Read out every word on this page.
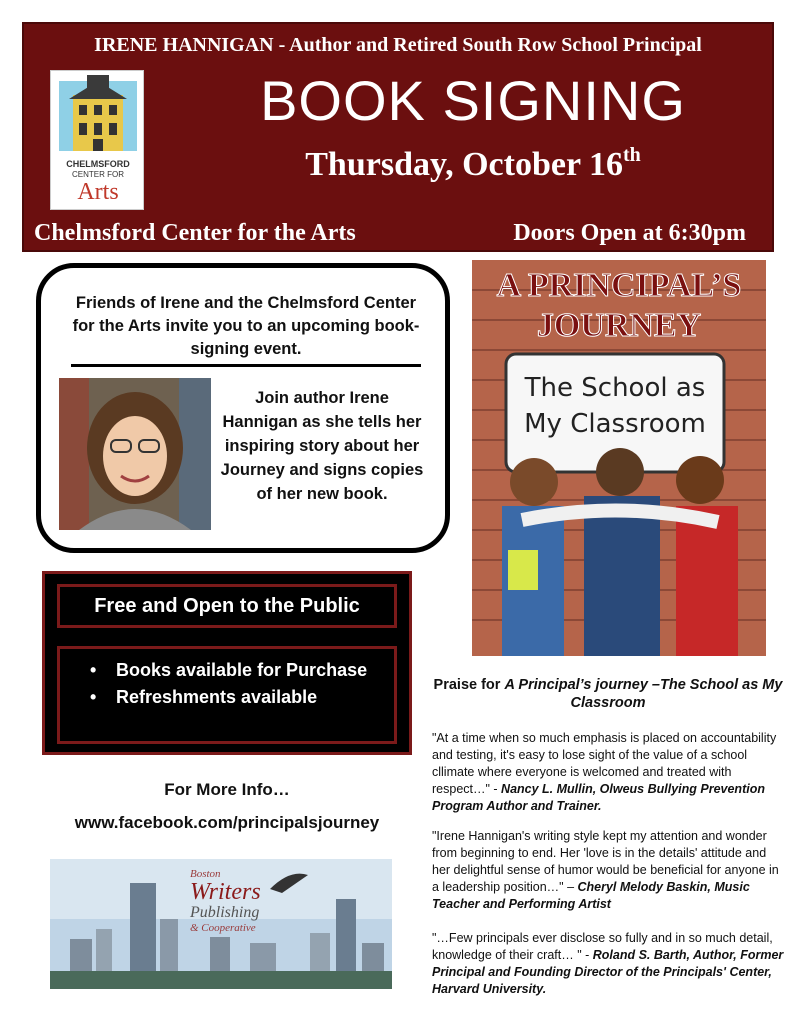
IRENE HANNIGAN - Author and Retired South Row School Principal
CHELMSFORD
CENTER FOR
Arts
BOOK SIGNING
Thursday, October 16th
Chelmsford Center for the Arts	Doors Open at 6:30pm
Friends of Irene and the Chelmsford Center for the Arts invite you to an upcoming book-signing event.
Join author Irene Hannigan as she tells her inspiring story about her Journey and signs copies of her new book.
Free and Open to the Public
• Books available for Purchase
• Refreshments available
For More Info…
www.facebook.com/principalsjourney
Boston
Writers
Publishing
& Cooperative
A PRINCIPAL’S
JOURNEY
The School as
My Classroom
Praise for A Principal’s journey –The School as My Classroom
"At a time when so much emphasis is placed on accountability and testing, it's easy to lose sight of the value of a school cllimate where everyone is welcomed and treated with respect…" - Nancy L. Mullin, Olweus Bullying Prevention Program Author and Trainer.
"Irene Hannigan's writing style kept my attention and wonder from beginning to end. Her 'love is in the details' attitude and her delightful sense of humor would be beneficial for anyone in a leadership position…" – Cheryl Melody Baskin, Music Teacher and Performing Artist
"…Few principals ever disclose so fully and in so much detail, knowledge of their craft… " - Roland S. Barth, Author, Former Principal and Founding Director of the Principals' Center, Harvard University.
